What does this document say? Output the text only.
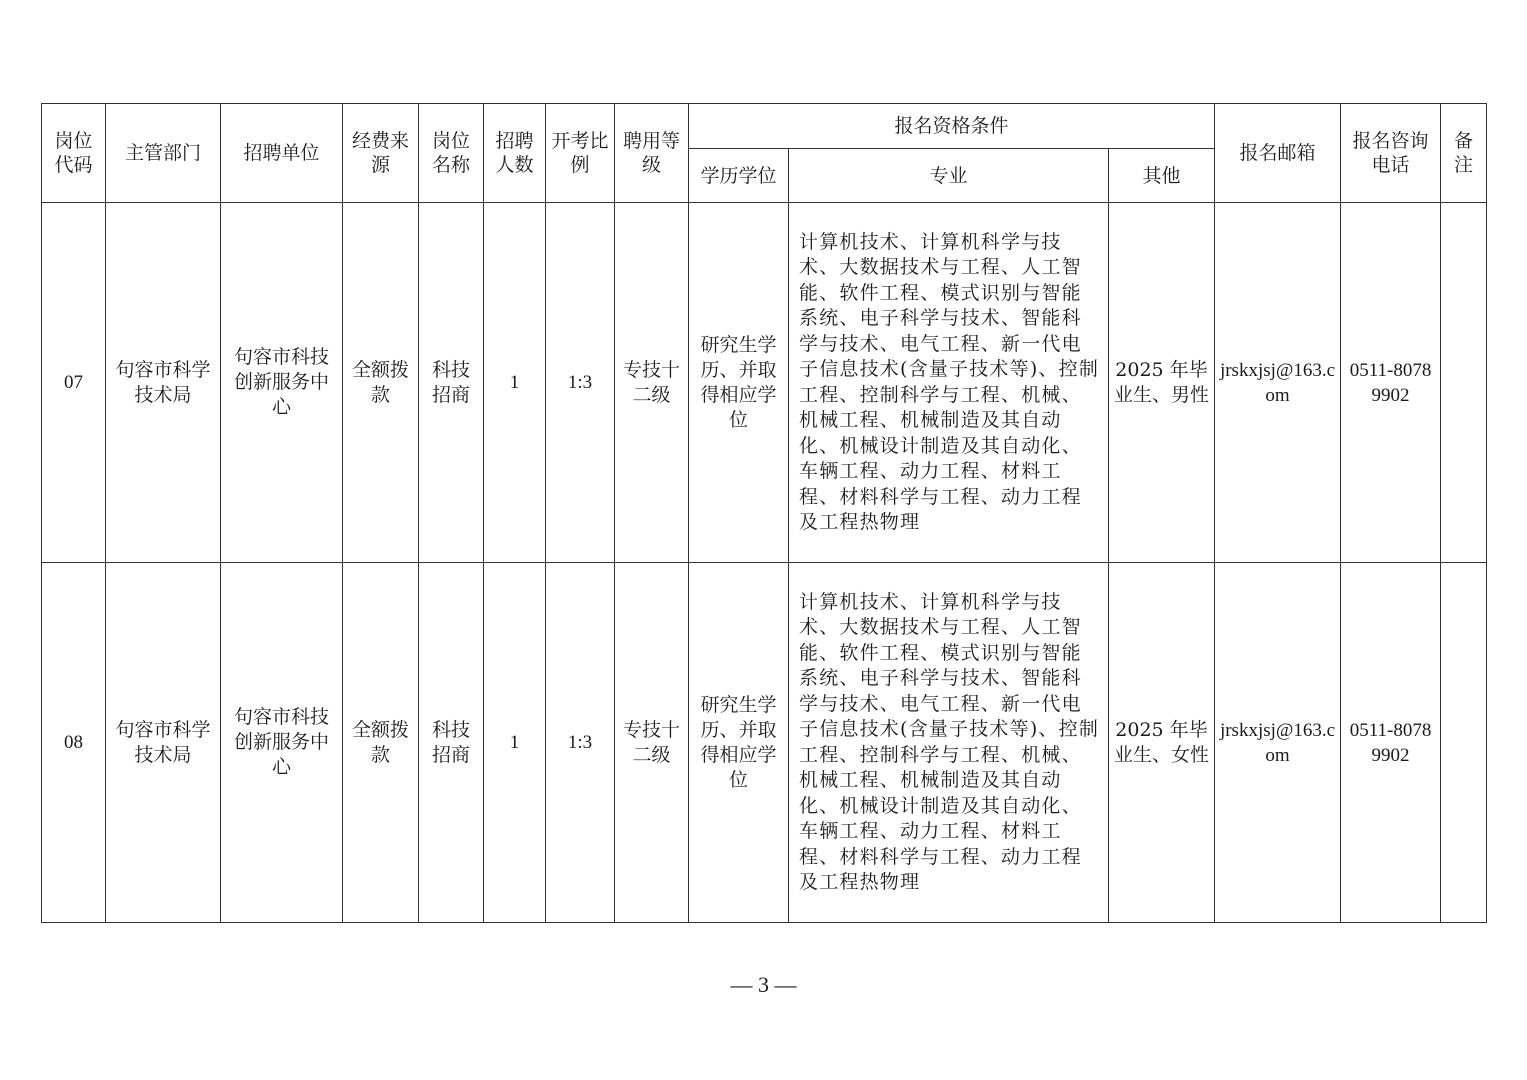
岗位代码	主管部门	招聘单位	经费来源	岗位名称	招聘人数	开考比例	聘用等级	报名资格条件			报名邮箱	报名咨询电话	备注
								学历学位	专业	其他			
07	句容市科学技术局	句容市科技创新服务中心	全额拨款	科技招商	1	1:3	专技十二级	研究生学历、并取得相应学位	计算机技术、计算机科学与技术、大数据技术与工程、人工智能、软件工程、模式识别与智能系统、电子科学与技术、智能科学与技术、电气工程、新一代电子信息技术(含量子技术等)、控制工程、控制科学与工程、机械、机械工程、机械制造及其自动化、机械设计制造及其自动化、车辆工程、动力工程、材料工程、材料科学与工程、动力工程及工程热物理	2025 年毕业生、男性	jrskxjsj@163.com	0511-80789902	
08	句容市科学技术局	句容市科技创新服务中心	全额拨款	科技招商	1	1:3	专技十二级	研究生学历、并取得相应学位	计算机技术、计算机科学与技术、大数据技术与工程、人工智能、软件工程、模式识别与智能系统、电子科学与技术、智能科学与技术、电气工程、新一代电子信息技术(含量子技术等)、控制工程、控制科学与工程、机械、机械工程、机械制造及其自动化、机械设计制造及其自动化、车辆工程、动力工程、材料工程、材料科学与工程、动力工程及工程热物理	2025 年毕业生、女性	jrskxjsj@163.com	0511-80789902	
— 3 —
